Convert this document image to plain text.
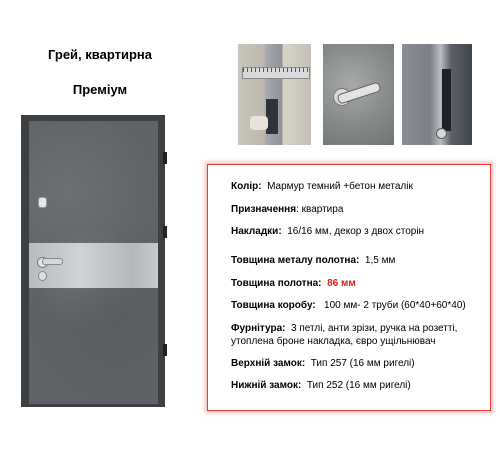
Грей, квартирна
Преміум
Колір: Мармур темний +бетон металік
Призначення: квартира
Накладки: 16/16 мм, декор з двох сторін
Товщина металу полотна: 1,5 мм
Товщина полотна: 86 мм
Товщина коробу: 100 мм- 2 труби (60*40+60*40)
Фурнітура: 3 петлі, анти зрізи, ручка на розетті,
утоплена броне накладка, євро ущільнювач
Верхній замок: Тип 257 (16 мм ригелі)
Нижній замок: Тип 252 (16 мм ригелі)
